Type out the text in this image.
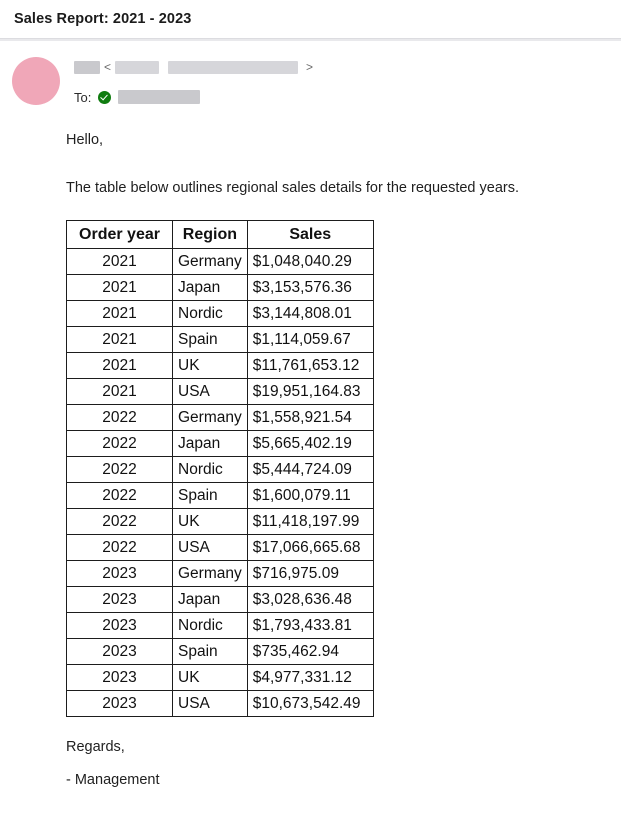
Sales Report: 2021 - 2023
<	>
To:

Hello,

The table below outlines regional sales details for the requested years.

Order year	Region	Sales
2021	Germany	$1,048,040.29
2021	Japan	$3,153,576.36
2021	Nordic	$3,144,808.01
2021	Spain	$1,114,059.67
2021	UK	$11,761,653.12
2021	USA	$19,951,164.83
2022	Germany	$1,558,921.54
2022	Japan	$5,665,402.19
2022	Nordic	$5,444,724.09
2022	Spain	$1,600,079.11
2022	UK	$11,418,197.99
2022	USA	$17,066,665.68
2023	Germany	$716,975.09
2023	Japan	$3,028,636.48
2023	Nordic	$1,793,433.81
2023	Spain	$735,462.94
2023	UK	$4,977,331.12
2023	USA	$10,673,542.49

Regards,

- Management
